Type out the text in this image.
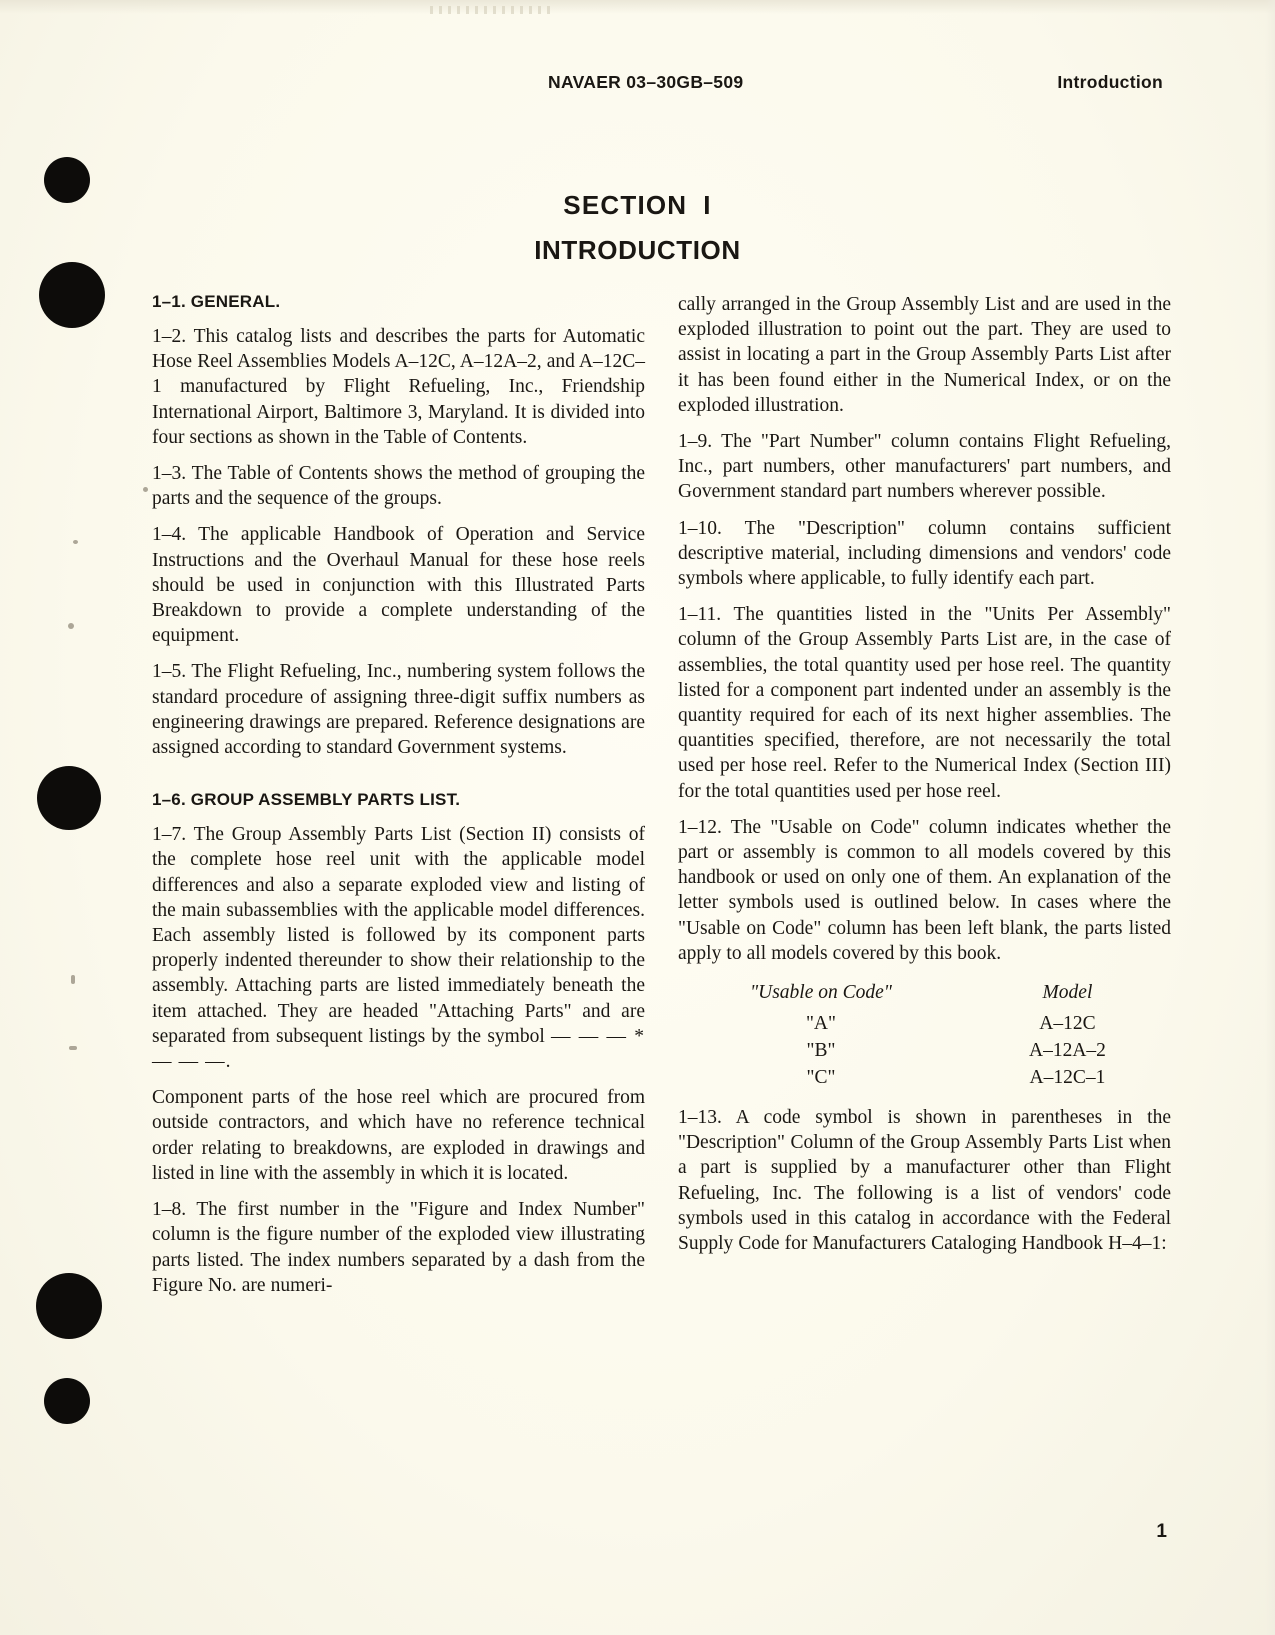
NAVAER 03–30GB–509	Introduction
SECTION I
INTRODUCTION
1–1. GENERAL.

1–2. This catalog lists and describes the parts for Automatic Hose Reel Assemblies Models A–12C, A–12A–2, and A–12C–1 manufactured by Flight Refueling, Inc., Friendship International Airport, Baltimore 3, Maryland. It is divided into four sections as shown in the Table of Contents.

1–3. The Table of Contents shows the method of grouping the parts and the sequence of the groups.

1–4. The applicable Handbook of Operation and Service Instructions and the Overhaul Manual for these hose reels should be used in conjunction with this Illustrated Parts Breakdown to provide a complete understanding of the equipment.

1–5. The Flight Refueling, Inc., numbering system follows the standard procedure of assigning three-digit suffix numbers as engineering drawings are prepared. Reference designations are assigned according to standard Government systems.

1–6. GROUP ASSEMBLY PARTS LIST.

1–7. The Group Assembly Parts List (Section II) consists of the complete hose reel unit with the applicable model differences and also a separate exploded view and listing of the main subassemblies with the applicable model differences. Each assembly listed is followed by its component parts properly indented thereunder to show their relationship to the assembly. Attaching parts are listed immediately beneath the item attached. They are headed "Attaching Parts" and are separated from subsequent listings by the symbol — — — * — — —.

Component parts of the hose reel which are procured from outside contractors, and which have no reference technical order relating to breakdowns, are exploded in drawings and listed in line with the assembly in which it is located.

1–8. The first number in the "Figure and Index Number" column is the figure number of the exploded view illustrating parts listed. The index numbers separated by a dash from the Figure No. are numeri-

cally arranged in the Group Assembly List and are used in the exploded illustration to point out the part. They are used to assist in locating a part in the Group Assembly Parts List after it has been found either in the Numerical Index, or on the exploded illustration.

1–9. The "Part Number" column contains Flight Refueling, Inc., part numbers, other manufacturers' part numbers, and Government standard part numbers wherever possible.

1–10. The "Description" column contains sufficient descriptive material, including dimensions and vendors' code symbols where applicable, to fully identify each part.

1–11. The quantities listed in the "Units Per Assembly" column of the Group Assembly Parts List are, in the case of assemblies, the total quantity used per hose reel. The quantity listed for a component part indented under an assembly is the quantity required for each of its next higher assemblies. The quantities specified, therefore, are not necessarily the total used per hose reel. Refer to the Numerical Index (Section III) for the total quantities used per hose reel.

1–12. The "Usable on Code" column indicates whether the part or assembly is common to all models covered by this handbook or used on only one of them. An explanation of the letter symbols used is outlined below. In cases where the "Usable on Code" column has been left blank, the parts listed apply to all models covered by this book.

"Usable on Code"	Model
"A"	A–12C
"B"	A–12A–2
"C"	A–12C–1

1–13. A code symbol is shown in parentheses in the "Description" Column of the Group Assembly Parts List when a part is supplied by a manufacturer other than Flight Refueling, Inc. The following is a list of vendors' code symbols used in this catalog in accordance with the Federal Supply Code for Manufacturers Cataloging Handbook H–4–1:

1
